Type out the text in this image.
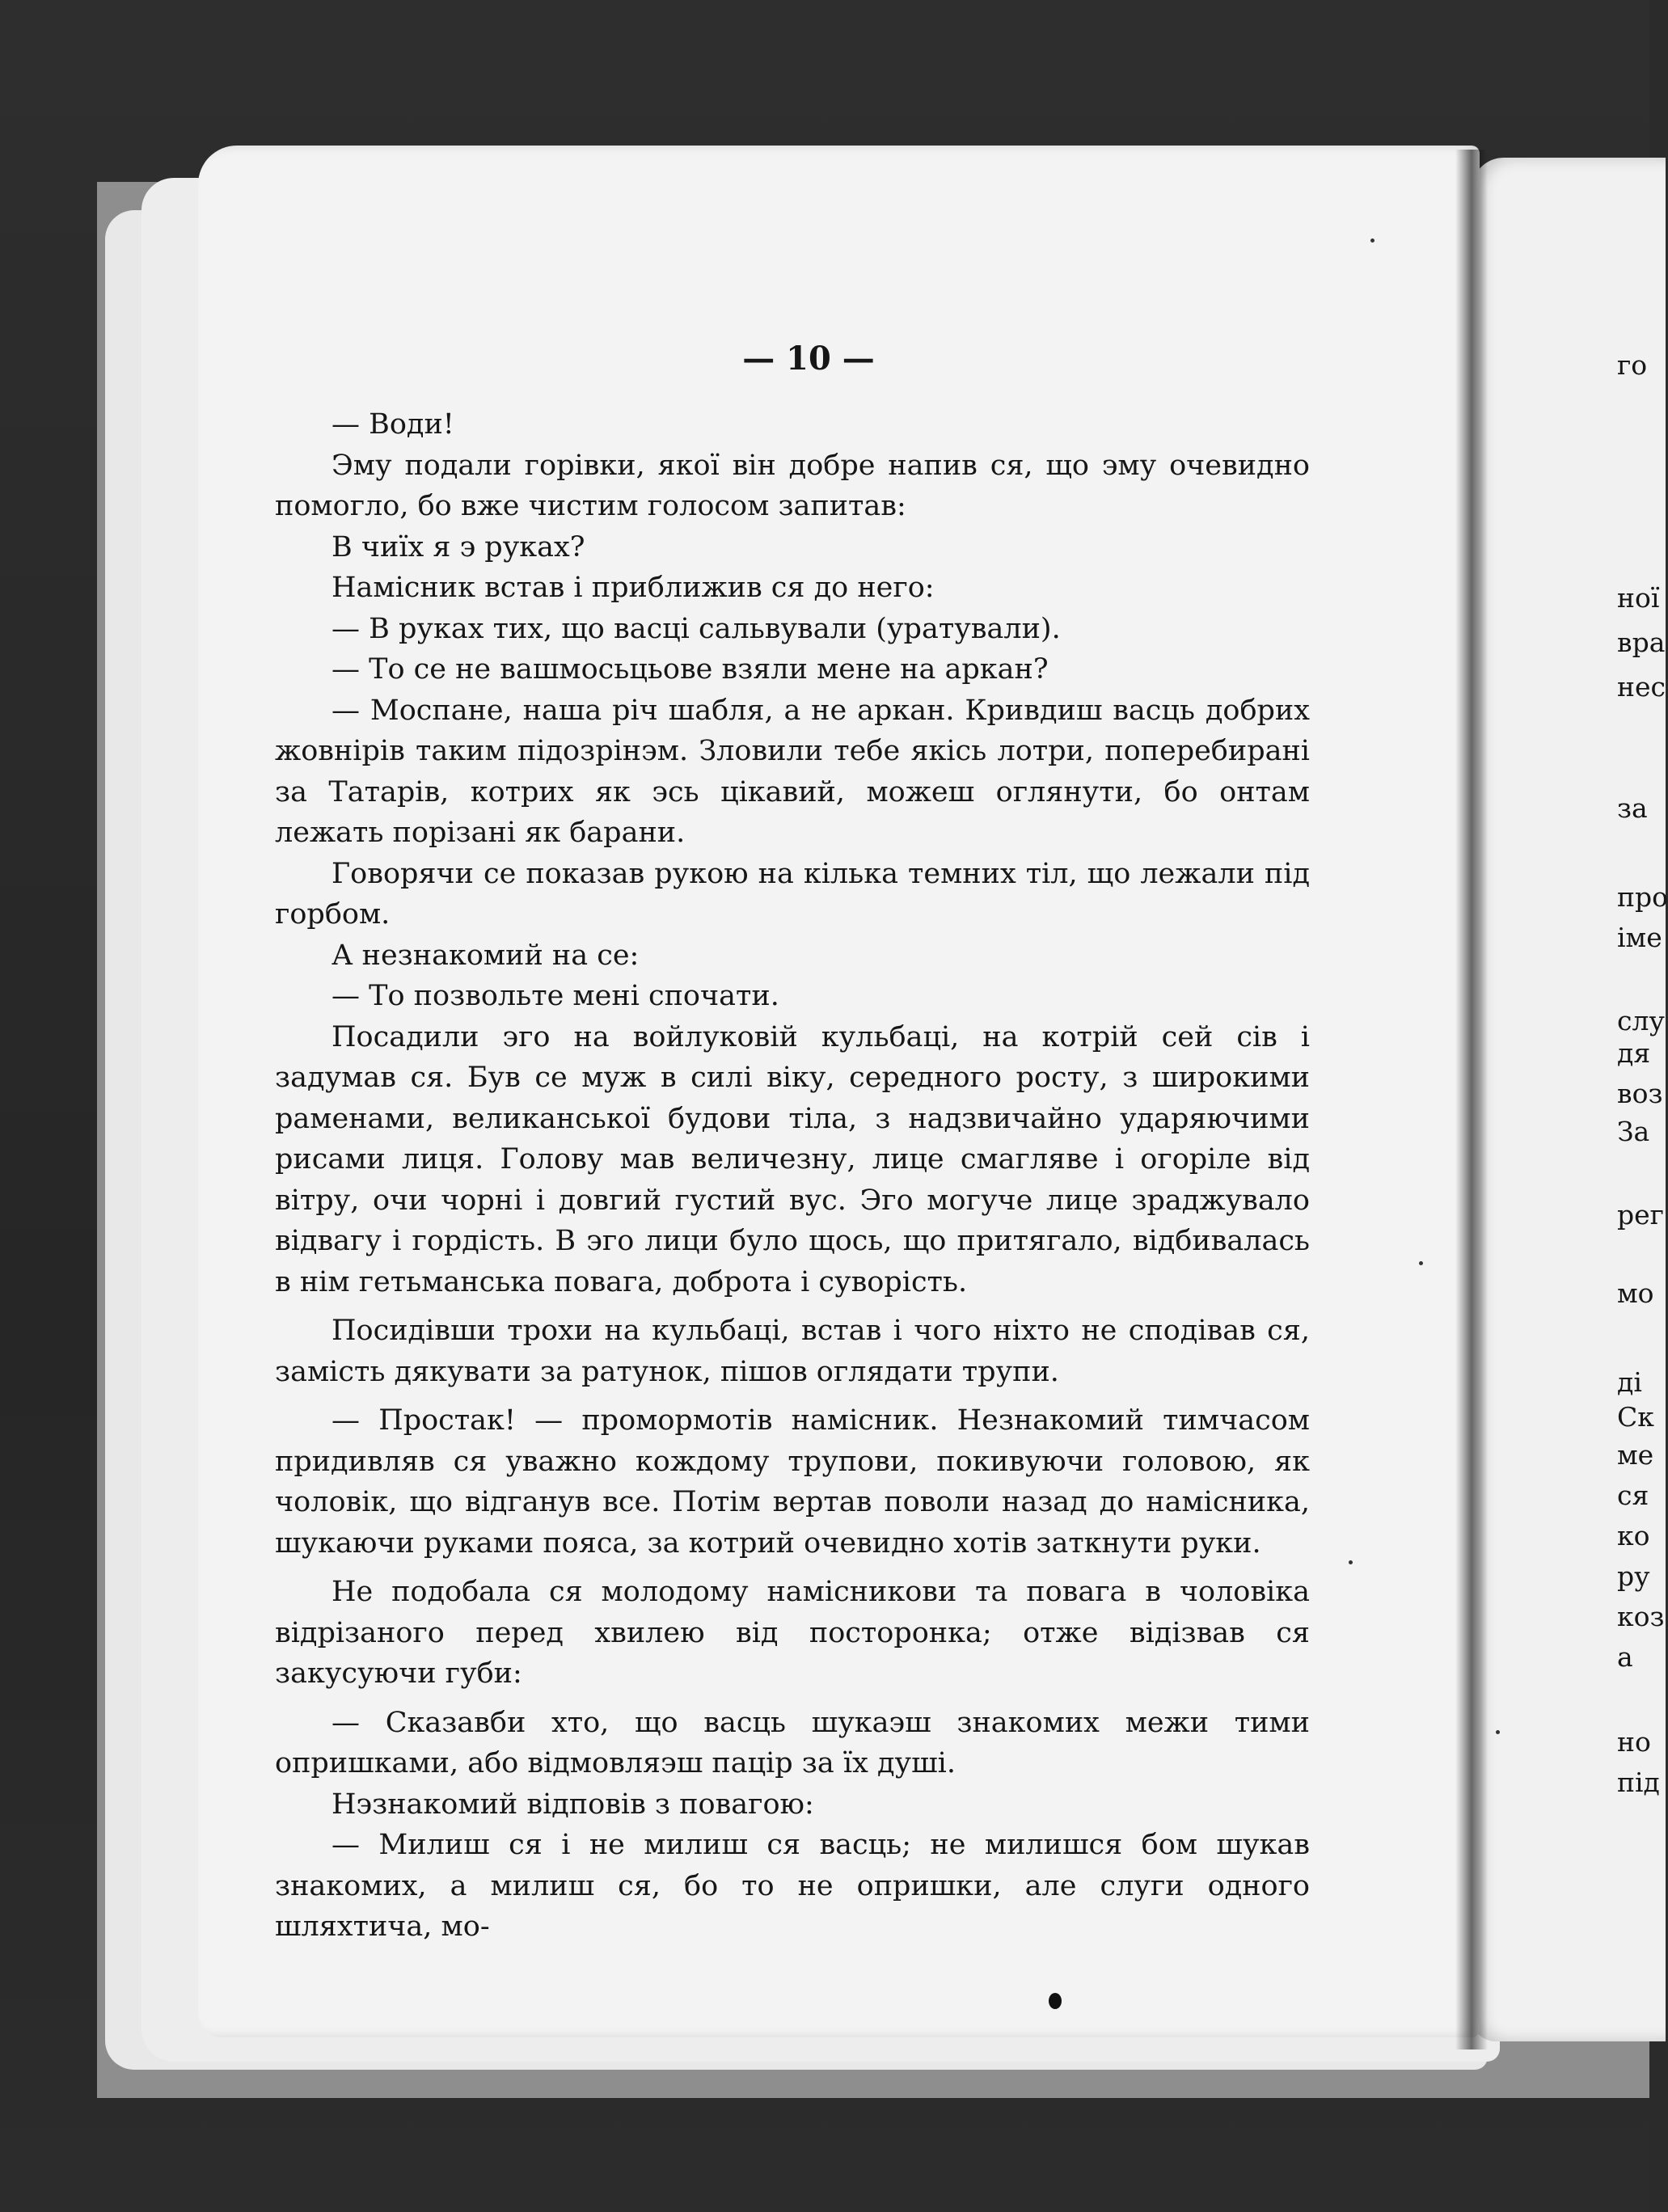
— 10 —

— Води!

Эму подали горівки, якої він добре напив ся, що эму очевидно помогло, бо вже чистим голосом запитав:

В чиїх я э руках?

Намісник встав і приближив ся до него:

— В руках тих, що васці сальвували (уратували).

— То се не вашмосьцьове взяли мене на аркан?

— Моспане, наша річ шабля, а не аркан. Кривдиш васць добрих жовнірів таким підозрінэм. Зловили тебе якісь лотри, поперебирані за Татарів, котрих як эсь цікавий, можеш оглянути, бо онтам лежать порізані як барани.

Говорячи се показав рукою на кілька темних тіл, що лежали під горбом.

А незнакомий на се:

— То позвольте мені спочати.

Посадили эго на войлуковій кульбаці, на котрій сей сів і задумав ся. Був се муж в силі віку, середного росту, з широкими раменами, великанської будови тіла, з надзвичайно ударяючими рисами лиця. Голову мав величезну, лице смагляве і огоріле від вітру, очи чорні і довгий густий вус. Эго могуче лице зраджувало відвагу і гордість. В эго лици було щось, що притягало, відбивалась в нім гетьманська повага, доброта і суворість.

Посидівши трохи на кульбаці, встав і чого ніхто не сподівав ся, замість дякувати за ратунок, пішов оглядати трупи.

— Простак! — промормотів намісник. Незнакомий тимчасом придивляв ся уважно кождому трупови, покивуючи головою, як чоловік, що відганув все. Потім вертав поволи назад до намісника, шукаючи руками пояса, за котрий очевидно хотів заткнути руки.

Не подобала ся молодому намісникови та повага в чоловіка відрізаного перед хвилею від посторонка; отже відізвав ся закусуючи губи:

— Сказавби хто, що васць шукаэш знакомих межи тими опришками, або відмовляэш пацір за їх душі.

Нэзнакомий відповів з повагою:

— Милиш ся і не милиш ся васць; не милишся бом шукав знакомих, а милиш ся, бо то не опришки, але слуги одного шляхтича, мо-

го
ної
вра
нес
за
про
іме
слу
дя
воз
За
рег
мо
ді
Ск
ме
ся
ко
ру
коз
а
но
під
